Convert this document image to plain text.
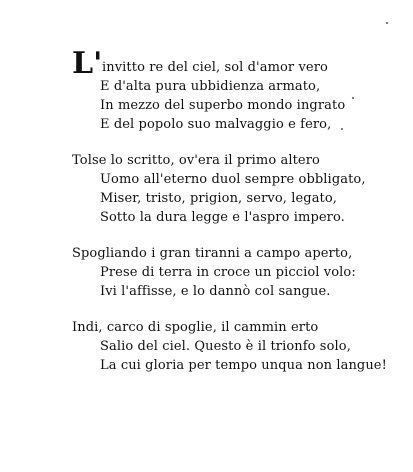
L' invitto re del ciel, sol d'amor vero
E d'alta pura ubbidienza armato,
In mezzo del superbo mondo ingrato
E del popolo suo malvaggio e fero,
Tolse lo scritto, ov'era il primo altero
Uomo all'eterno duol sempre obbligato,
Miser, tristo, prigion, servo, legato,
Sotto la dura legge e l'aspro impero.
Spogliando i gran tiranni a campo aperto,
Prese di terra in croce un picciol volo:
Ivi l'affisse, e lo dannò col sangue.
Indi, carco di spoglie, il cammin erto
Salio del ciel. Questo è il trionfo solo,
La cui gloria per tempo unqua non langue!
